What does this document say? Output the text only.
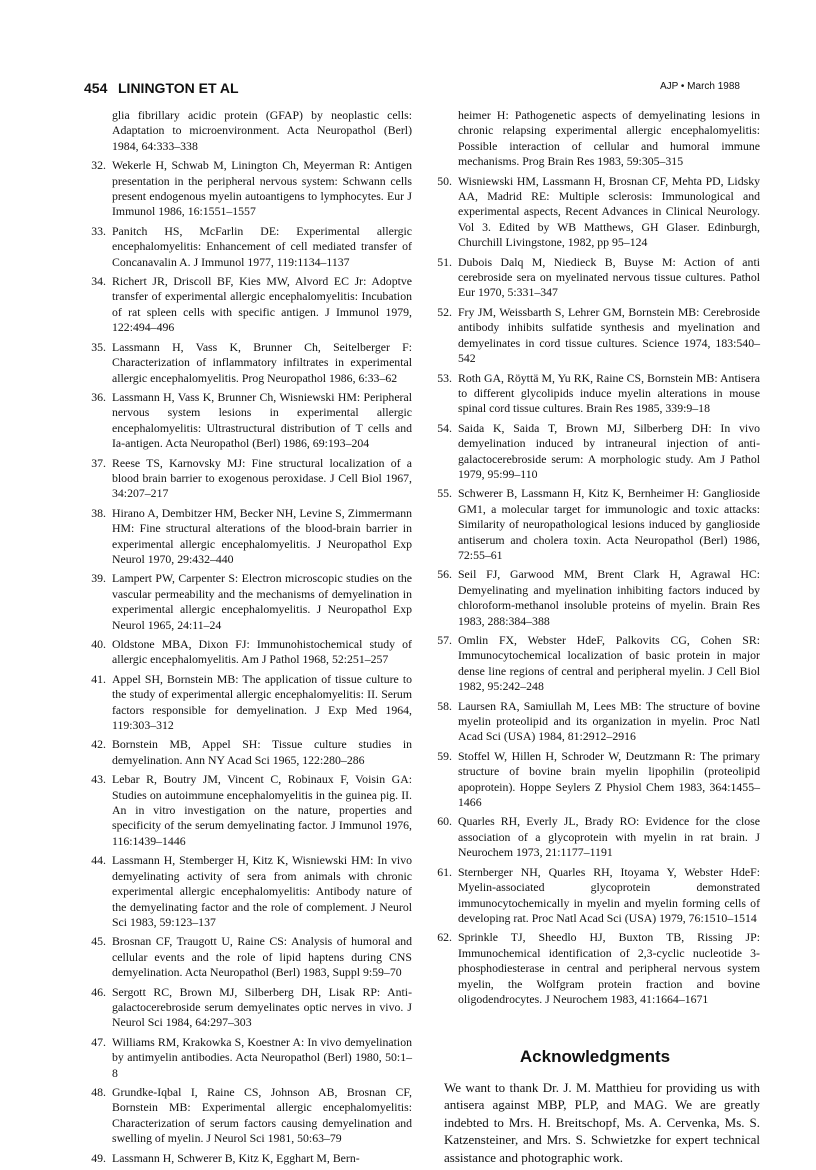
454 LININGTON ET AL	AJP • March 1988
glia fibrillary acidic protein (GFAP) by neoplastic cells: Adaptation to microenvironment. Acta Neuropathol (Berl) 1984, 64:333–338
32. Wekerle H, Schwab M, Linington Ch, Meyerman R: Antigen presentation in the peripheral nervous system: Schwann cells present endogenous myelin autoantigens to lymphocytes. Eur J Immunol 1986, 16:1551–1557
33. Panitch HS, McFarlin DE: Experimental allergic encephalomyelitis: Enhancement of cell mediated transfer of Concanavalin A. J Immunol 1977, 119:1134–1137
34. Richert JR, Driscoll BF, Kies MW, Alvord EC Jr: Adoptve transfer of experimental allergic encephalomyelitis: Incubation of rat spleen cells with specific antigen. J Immunol 1979, 122:494–496
35. Lassmann H, Vass K, Brunner Ch, Seitelberger F: Characterization of inflammatory infiltrates in experimental allergic encephalomyelitis. Prog Neuropathol 1986, 6:33–62
36. Lassmann H, Vass K, Brunner Ch, Wisniewski HM: Peripheral nervous system lesions in experimental allergic encephalomyelitis: Ultrastructural distribution of T cells and Ia-antigen. Acta Neuropathol (Berl) 1986, 69:193–204
37. Reese TS, Karnovsky MJ: Fine structural localization of a blood brain barrier to exogenous peroxidase. J Cell Biol 1967, 34:207–217
38. Hirano A, Dembitzer HM, Becker NH, Levine S, Zimmermann HM: Fine structural alterations of the blood-brain barrier in experimental allergic encephalomyelitis. J Neuropathol Exp Neurol 1970, 29:432–440
39. Lampert PW, Carpenter S: Electron microscopic studies on the vascular permeability and the mechanisms of demyelination in experimental allergic encephalomyelitis. J Neuropathol Exp Neurol 1965, 24:11–24
40. Oldstone MBA, Dixon FJ: Immunohistochemical study of allergic encephalomyelitis. Am J Pathol 1968, 52:251–257
41. Appel SH, Bornstein MB: The application of tissue culture to the study of experimental allergic encephalomyelitis: II. Serum factors responsible for demyelination. J Exp Med 1964, 119:303–312
42. Bornstein MB, Appel SH: Tissue culture studies in demyelination. Ann NY Acad Sci 1965, 122:280–286
43. Lebar R, Boutry JM, Vincent C, Robinaux F, Voisin GA: Studies on autoimmune encephalomyelitis in the guinea pig. II. An in vitro investigation on the nature, properties and specificity of the serum demyelinating factor. J Immunol 1976, 116:1439–1446
44. Lassmann H, Stemberger H, Kitz K, Wisniewski HM: In vivo demyelinating activity of sera from animals with chronic experimental allergic encephalomyelitis: Antibody nature of the demyelinating factor and the role of complement. J Neurol Sci 1983, 59:123–137
45. Brosnan CF, Traugott U, Raine CS: Analysis of humoral and cellular events and the role of lipid haptens during CNS demyelination. Acta Neuropathol (Berl) 1983, Suppl 9:59–70
46. Sergott RC, Brown MJ, Silberberg DH, Lisak RP: Anti-galactocerebroside serum demyelinates optic nerves in vivo. J Neurol Sci 1984, 64:297–303
47. Williams RM, Krakowka S, Koestner A: In vivo demyelination by antimyelin antibodies. Acta Neuropathol (Berl) 1980, 50:1–8
48. Grundke-Iqbal I, Raine CS, Johnson AB, Brosnan CF, Bornstein MB: Experimental allergic encephalomyelitis: Characterization of serum factors causing demyelination and swelling of myelin. J Neurol Sci 1981, 50:63–79
49. Lassmann H, Schwerer B, Kitz K, Egghart M, Bern-
heimer H: Pathogenetic aspects of demyelinating lesions in chronic relapsing experimental allergic encephalomyelitis: Possible interaction of cellular and humoral immune mechanisms. Prog Brain Res 1983, 59:305–315
50. Wisniewski HM, Lassmann H, Brosnan CF, Mehta PD, Lidsky AA, Madrid RE: Multiple sclerosis: Immunological and experimental aspects, Recent Advances in Clinical Neurology. Vol 3. Edited by WB Matthews, GH Glaser. Edinburgh, Churchill Livingstone, 1982, pp 95–124
51. Dubois Dalq M, Niedieck B, Buyse M: Action of anti cerebroside sera on myelinated nervous tissue cultures. Pathol Eur 1970, 5:331–347
52. Fry JM, Weissbarth S, Lehrer GM, Bornstein MB: Cerebroside antibody inhibits sulfatide synthesis and myelination and demyelinates in cord tissue cultures. Science 1974, 183:540–542
53. Roth GA, Röyttä M, Yu RK, Raine CS, Bornstein MB: Antisera to different glycolipids induce myelin alterations in mouse spinal cord tissue cultures. Brain Res 1985, 339:9–18
54. Saida K, Saida T, Brown MJ, Silberberg DH: In vivo demyelination induced by intraneural injection of anti-galactocerebroside serum: A morphologic study. Am J Pathol 1979, 95:99–110
55. Schwerer B, Lassmann H, Kitz K, Bernheimer H: Ganglioside GM1, a molecular target for immunologic and toxic attacks: Similarity of neuropathological lesions induced by ganglioside antiserum and cholera toxin. Acta Neuropathol (Berl) 1986, 72:55–61
56. Seil FJ, Garwood MM, Brent Clark H, Agrawal HC: Demyelinating and myelination inhibiting factors induced by chloroform-methanol insoluble proteins of myelin. Brain Res 1983, 288:384–388
57. Omlin FX, Webster HdeF, Palkovits CG, Cohen SR: Immunocytochemical localization of basic protein in major dense line regions of central and peripheral myelin. J Cell Biol 1982, 95:242–248
58. Laursen RA, Samiullah M, Lees MB: The structure of bovine myelin proteolipid and its organization in myelin. Proc Natl Acad Sci (USA) 1984, 81:2912–2916
59. Stoffel W, Hillen H, Schroder W, Deutzmann R: The primary structure of bovine brain myelin lipophilin (proteolipid apoprotein). Hoppe Seylers Z Physiol Chem 1983, 364:1455–1466
60. Quarles RH, Everly JL, Brady RO: Evidence for the close association of a glycoprotein with myelin in rat brain. J Neurochem 1973, 21:1177–1191
61. Sternberger NH, Quarles RH, Itoyama Y, Webster HdeF: Myelin-associated glycoprotein demonstrated immunocytochemically in myelin and myelin forming cells of developing rat. Proc Natl Acad Sci (USA) 1979, 76:1510–1514
62. Sprinkle TJ, Sheedlo HJ, Buxton TB, Rissing JP: Immunochemical identification of 2,3-cyclic nucleotide 3-phosphodiesterase in central and peripheral nervous system myelin, the Wolfgram protein fraction and bovine oligodendrocytes. J Neurochem 1983, 41:1664–1671
Acknowledgments
We want to thank Dr. J. M. Matthieu for providing us with antisera against MBP, PLP, and MAG. We are greatly indebted to Mrs. H. Breitschopf, Ms. A. Cervenka, Ms. S. Katzensteiner, and Mrs. S. Schwietzke for expert technical assistance and photographic work.
